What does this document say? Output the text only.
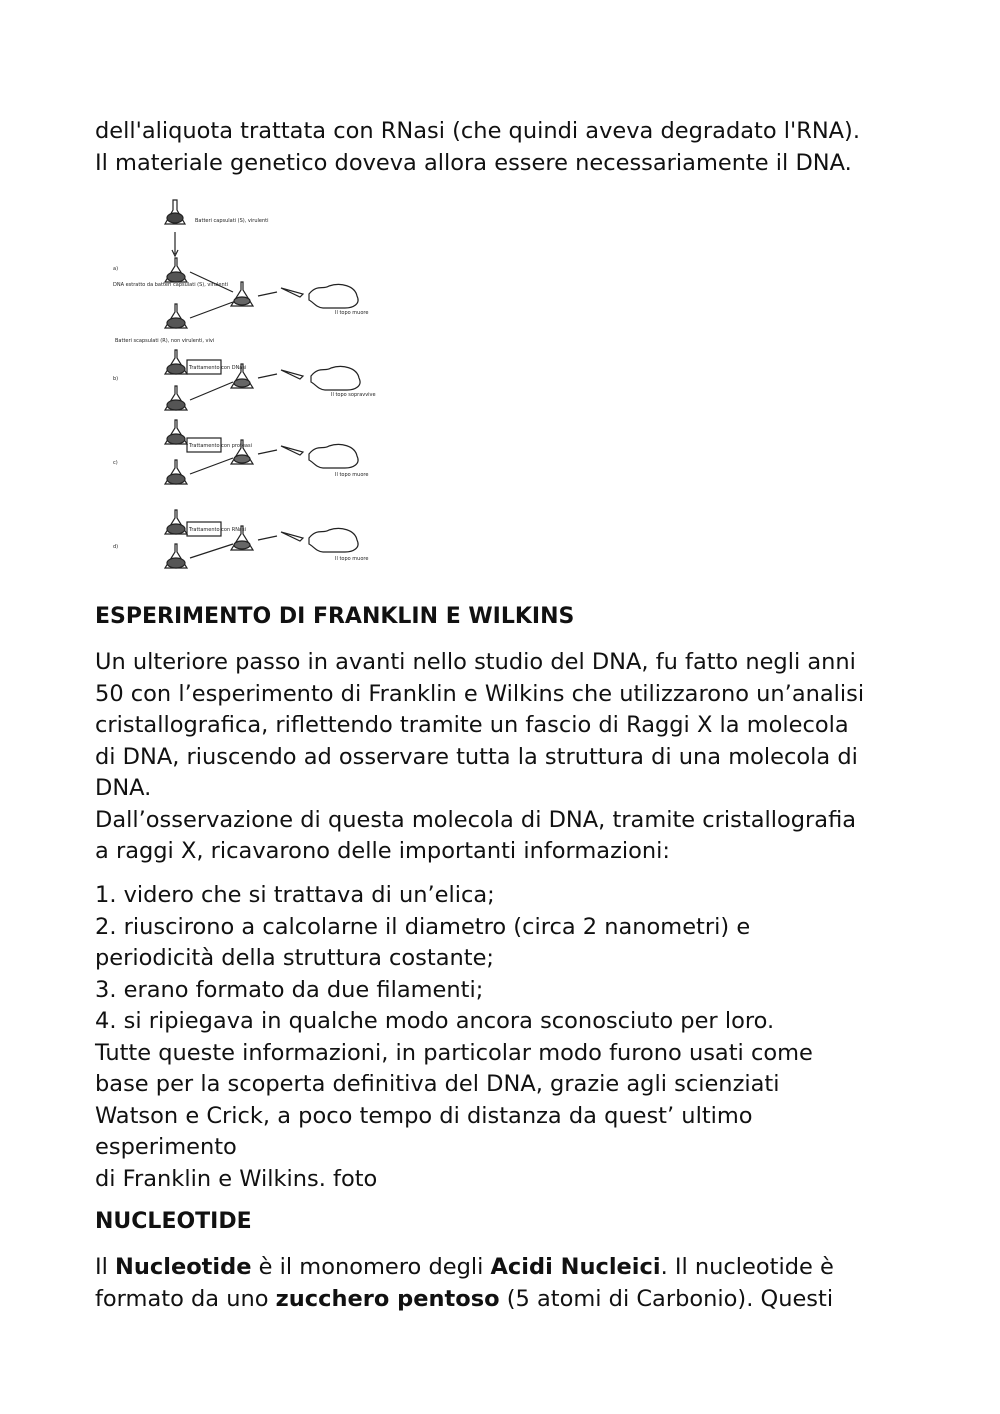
dell'aliquota trattata con RNasi (che quindi aveva degradato l'RNA).
Il materiale genetico doveva allora essere necessariamente il DNA.

Batteri capsulati (S), virulenti
DNA estratto da batteri capsulati (S), virulenti
Batteri scapsulati (R), non virulenti, vivi
a)
b)
c)
d)
Trattamento con DNasi
Trattamento con proteasi
Trattamento con RNasi
Il topo muore
Il topo sopravvive
Il topo muore
Il topo muore
ESPERIMENTO DI FRANKLIN E WILKINS

Un ulteriore passo in avanti nello studio del DNA, fu fatto negli anni
50 con l’esperimento di Franklin e Wilkins che utilizzarono un’analisi
cristallografica, riflettendo tramite un fascio di Raggi X la molecola
di DNA, riuscendo ad osservare tutta la struttura di una molecola di
DNA.
Dall’osservazione di questa molecola di DNA, tramite cristallografia
a raggi X, ricavarono delle importanti informazioni:

1. videro che si trattava di un’elica;
2. riuscirono a calcolarne il diametro (circa 2 nanometri) e
periodicità della struttura costante;
3. erano formato da due filamenti;
4. si ripiegava in qualche modo ancora sconosciuto per loro.
Tutte queste informazioni, in particolar modo furono usati come
base per la scoperta definitiva del DNA, grazie agli scienziati
Watson e Crick, a poco tempo di distanza da quest’ ultimo
esperimento
di Franklin e Wilkins. foto

NUCLEOTIDE

Il Nucleotide è il monomero degli Acidi Nucleici. Il nucleotide è
formato da uno zucchero pentoso (5 atomi di Carbonio). Questi
